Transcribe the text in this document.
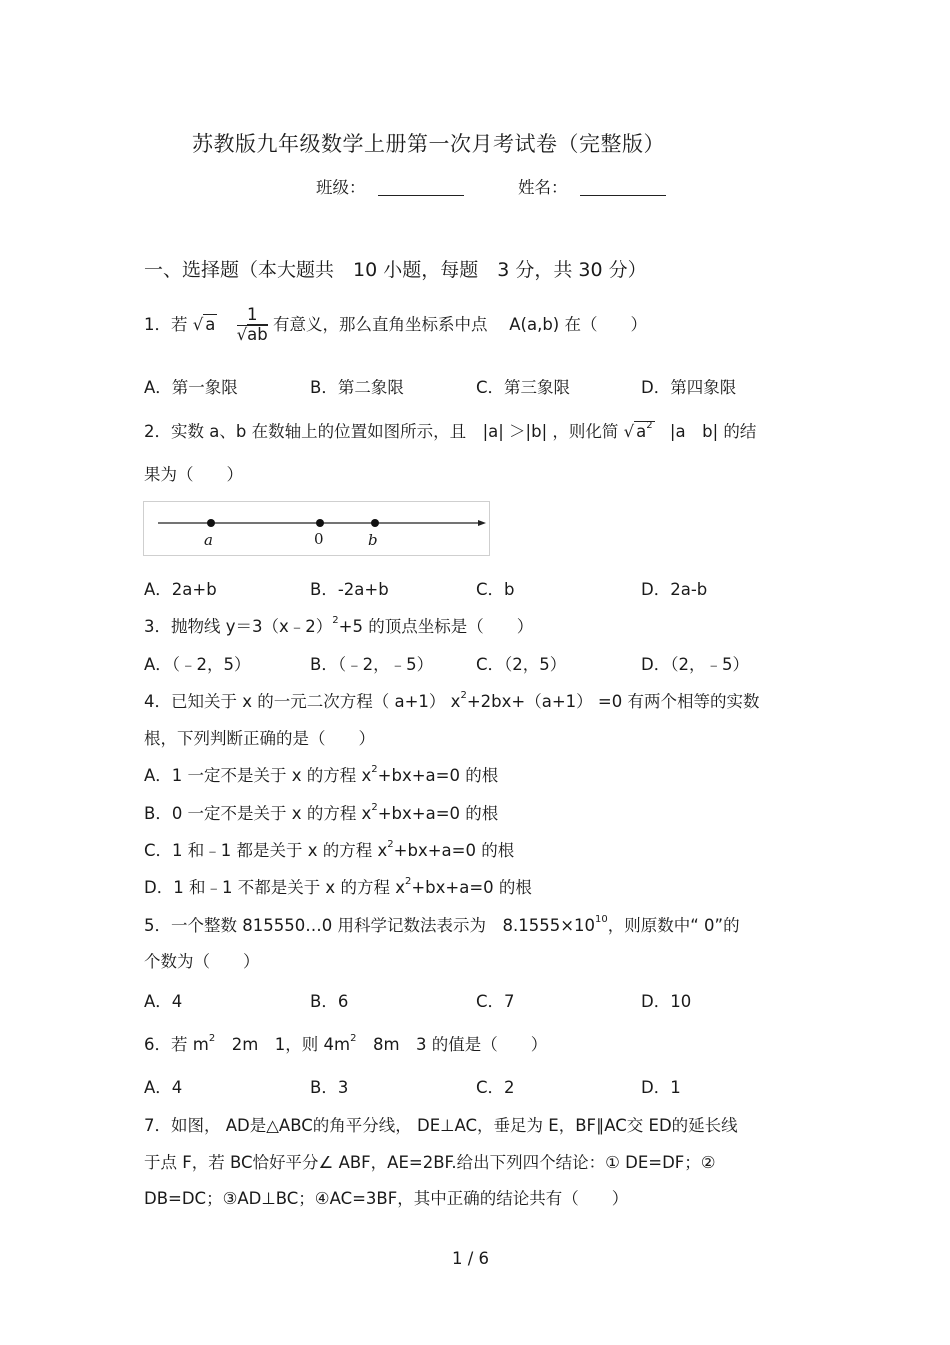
苏教版九年级数学上册第一次月考试卷（完整版）
班级：	姓名：
一、选择题（本大题共　10 小题，每题　3 分，共 30 分）
1．若 √ a $\frac{1}{√ab}$ 有意义，那么直角坐标系中点　 A(a,b) 在（　　）
A．第一象限	B．第二象限	C．第三象限	D．第四象限
2．实数 a、b 在数轴上的位置如图所示，且　|a| ＞|b| ，则化简 √ $a^2$ |a　b| 的结
果为（　　）
a	0	b
A．2a+b	B．-2a+b	C．b	D．2a-b
3．抛物线 y＝3（x﹣2）$^2$+5 的顶点坐标是（　　）
A．（﹣2，5）	B．（﹣2，﹣5）	C．（2，5）	D．（2，﹣5）
4．已知关于 x 的一元二次方程（ a+1） $x^2+2bx+(a+1) =0$ 有两个相等的实数
根，下列判断正确的是（　　）
A．1 一定不是关于 x 的方程 $x^2+bx+a=0$ 的根
B．0 一定不是关于 x 的方程 $x^2+bx+a=0$ 的根
C．1 和﹣1 都是关于 x 的方程 $x^2+bx+a=0$ 的根
D．1 和﹣1 不都是关于 x 的方程 $x^2+bx+a=0$ 的根
5．一个整数 815550…0 用科学记数法表示为　$8.1555\times 10^{10}$，则原数中“ 0”的
个数为（　　）
A．4	B．6	C．7	D．10
6．若 $m^2$　2m　1，则 $4m^2$　8m　3 的值是（　　）
A．4	B．3	C．2	D．1
7．如图， AD是△ABC的角平分线， DE⊥AC，垂足为 E，BF∥AC交 ED的延长线
于点 F，若 BC恰好平分∠ ABF，AE=2BF.给出下列四个结论：① DE=DF；②
DB=DC；③AD⊥BC；④AC=3BF，其中正确的结论共有（　　）
1 / 6
